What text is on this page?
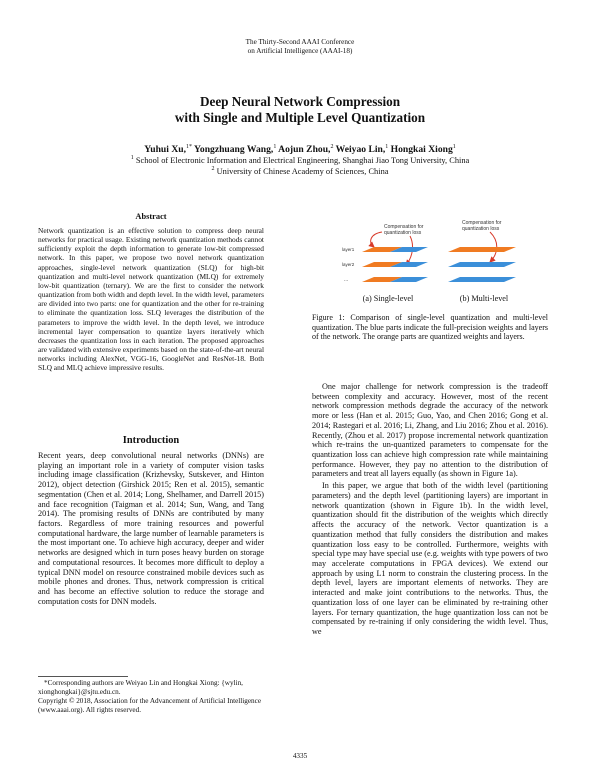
The Thirty-Second AAAI Conference
on Artificial Intelligence (AAAI-18)
Deep Neural Network Compression
with Single and Multiple Level Quantization
Yuhui Xu,$^{1*}$ Yongzhuang Wang,$^1$ Aojun Zhou,$^2$ Weiyao Lin,$^1$ Hongkai Xiong$^1$
$^1$ School of Electronic Information and Electrical Engineering, Shanghai Jiao Tong University, China
$^2$ University of Chinese Academy of Sciences, China
Abstract
Network quantization is an effective solution to compress deep neural networks for practical usage. Existing network quantization methods cannot sufficiently exploit the depth information to generate low-bit compressed network. In this paper, we propose two novel network quantization approaches, single-level network quantization (SLQ) for high-bit quantization and multi-level network quantization (MLQ) for extremely low-bit quantization (ternary). We are the first to consider the network quantization from both width and depth level. In the width level, parameters are divided into two parts: one for quantization and the other for re-training to eliminate the quantization loss. SLQ leverages the distribution of the parameters to improve the width level. In the depth level, we introduce incremental layer compensation to quantize layers iteratively which decreases the quantization loss in each iteration. The proposed approaches are validated with extensive experiments based on the state-of-the-art neural networks including AlexNet, VGG-16, GoogleNet and ResNet-18. Both SLQ and MLQ achieve impressive results.
Introduction

Recent years, deep convolutional neural networks (DNNs) are playing an important role in a variety of computer vision tasks including image classification (Krizhevsky, Sutskever, and Hinton 2012), object detection (Girshick 2015; Ren et al. 2015), semantic segmentation (Chen et al. 2014; Long, Shelhamer, and Darrell 2015) and face recognition (Taigman et al. 2014; Sun, Wang, and Tang 2014). The promising results of DNNs are contributed by many factors. Regardless of more training resources and powerful computational hardware, the large number of learnable parameters is the most important one. To achieve high accuracy, deeper and wider networks are designed which in turn poses heavy burden on storage and computational resources. It becomes more difficult to deploy a typical DNN model on resource constrained mobile devices such as mobile phones and drones. Thus, network compression is critical and has become an effective solution to reduce the storage and computation costs for DNN models.

*Corresponding authors are Weiyao Lin and Hongkai Xiong: {wylin, xionghongkai}@sjtu.edu.cn.

Copyright © 2018, Association for the Advancement of Artificial Intelligence (www.aaai.org). All rights reserved.

Compensation for
quantization loss
layer1
layer2
...
Compensation for
quantization loss
(a) Single-level	(b) Multi-level
Figure 1: Comparison of single-level quantization and multi-level quantization. The blue parts indicate the full-precision weights and layers of the network. The orange parts are quantized weights and layers.

One major challenge for network compression is the tradeoff between complexity and accuracy. However, most of the recent network compression methods degrade the accuracy of the network more or less (Han et al. 2015; Guo, Yao, and Chen 2016; Gong et al. 2014; Rastegari et al. 2016; Li, Zhang, and Liu 2016; Zhou et al. 2016). Recently, (Zhou et al. 2017) propose incremental network quantization which re-trains the un-quantized parameters to compensate for the quantization loss can achieve high compression rate while maintaining performance. However, they pay no attention to the distribution of parameters and treat all layers equally (as shown in Figure 1a).

In this paper, we argue that both of the width level (partitioning parameters) and the depth level (partitioning layers) are important in network quantization (shown in Figure 1b). In the width level, quantization should fit the distribution of the weights which directly affects the accuracy of the network. Vector quantization is a quantization method that fully considers the distribution and makes quantization loss easy to be controlled. Furthermore, weights with special type may have special use (e.g. weights with type powers of two may accelerate computations in FPGA devices). We extend our approach by using L1 norm to constrain the clustering process. In the depth level, layers are important elements of networks. They are interacted and make joint contributions to the networks. Thus, the quantization loss of one layer can be eliminated by re-training other layers. For ternary quantization, the huge quantization loss can not be compensated by re-training if only considering the width level. Thus, we

4335
